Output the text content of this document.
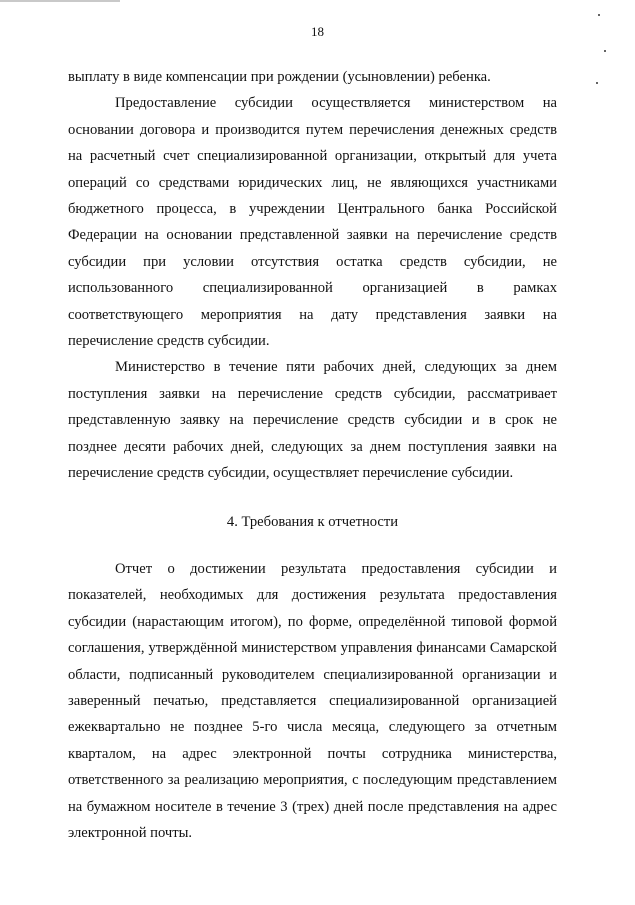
18

выплату в виде компенсации при рождении (усыновлении) ребенка.

Предоставление субсидии осуществляется министерством на основании договора и производится путем перечисления денежных средств на расчетный счет специализированной организации, открытый для учета операций со средствами юридических лиц, не являющихся участниками бюджетного процесса, в учреждении Центрального банка Российской Федерации на основании представленной заявки на перечисление средств субсидии при условии отсутствия остатка средств субсидии, не использованного специализированной организацией в рамках соответствующего мероприятия на дату представления заявки на перечисление средств субсидии.

Министерство в течение пяти рабочих дней, следующих за днем поступления заявки на перечисление средств субсидии, рассматривает представленную заявку на перечисление средств субсидии и в срок не позднее десяти рабочих дней, следующих за днем поступления заявки на перечисление средств субсидии, осуществляет перечисление субсидии.

4. Требования к отчетности

Отчет о достижении результата предоставления субсидии и показателей, необходимых для достижения результата предоставления субсидии (нарастающим итогом), по форме, определённой типовой формой соглашения, утверждённой министерством управления финансами Самарской области, подписанный руководителем специализированной организации и заверенный печатью, представляется специализированной организацией ежеквартально не позднее 5-го числа месяца, следующего за отчетным кварталом, на адрес электронной почты сотрудника министерства, ответственного за реализацию мероприятия, с последующим представлением на бумажном носителе в течение 3 (трех) дней после представления на адрес электронной почты.
